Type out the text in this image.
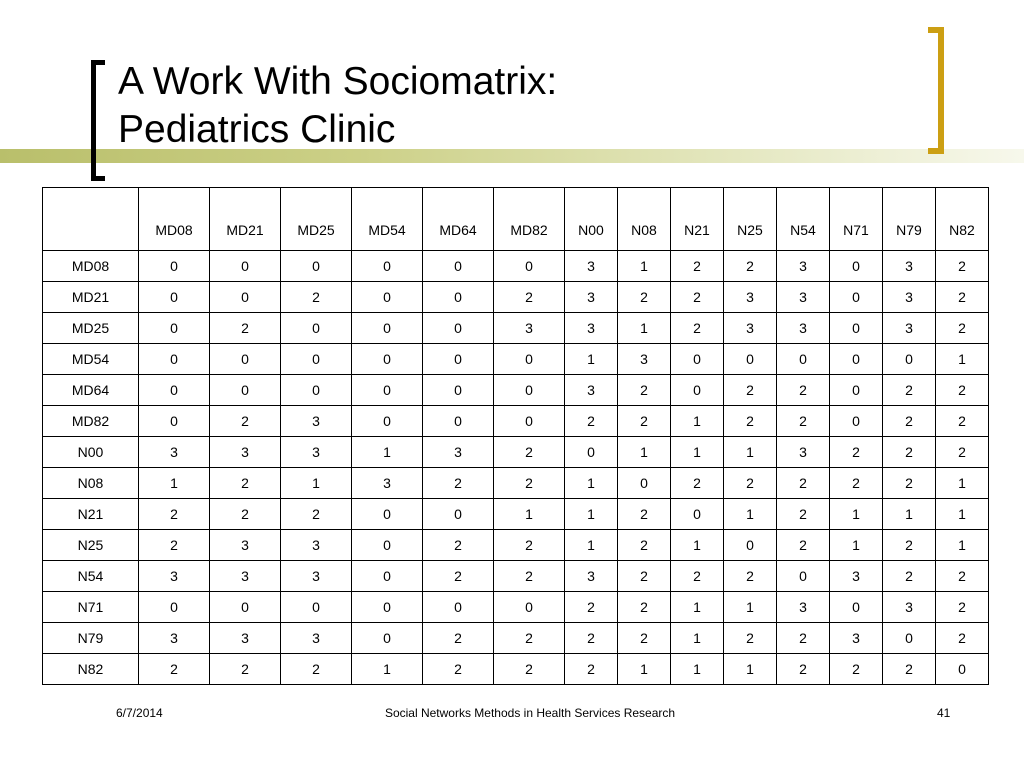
A Work With Sociomatrix:
Pediatrics Clinic
	MD08	MD21	MD25	MD54	MD64	MD82	N00	N08	N21	N25	N54	N71	N79	N82
MD08	0	0	0	0	0	0	3	1	2	2	3	0	3	2
MD21	0	0	2	0	0	2	3	2	2	3	3	0	3	2
MD25	0	2	0	0	0	3	3	1	2	3	3	0	3	2
MD54	0	0	0	0	0	0	1	3	0	0	0	0	0	1
MD64	0	0	0	0	0	0	3	2	0	2	2	0	2	2
MD82	0	2	3	0	0	0	2	2	1	2	2	0	2	2
N00	3	3	3	1	3	2	0	1	1	1	3	2	2	2
N08	1	2	1	3	2	2	1	0	2	2	2	2	2	1
N21	2	2	2	0	0	1	1	2	0	1	2	1	1	1
N25	2	3	3	0	2	2	1	2	1	0	2	1	2	1
N54	3	3	3	0	2	2	3	2	2	2	0	3	2	2
N71	0	0	0	0	0	0	2	2	1	1	3	0	3	2
N79	3	3	3	0	2	2	2	2	1	2	2	3	0	2
N82	2	2	2	1	2	2	2	1	1	1	2	2	2	0
6/7/2014	Social Networks Methods in Health Services Research	41
